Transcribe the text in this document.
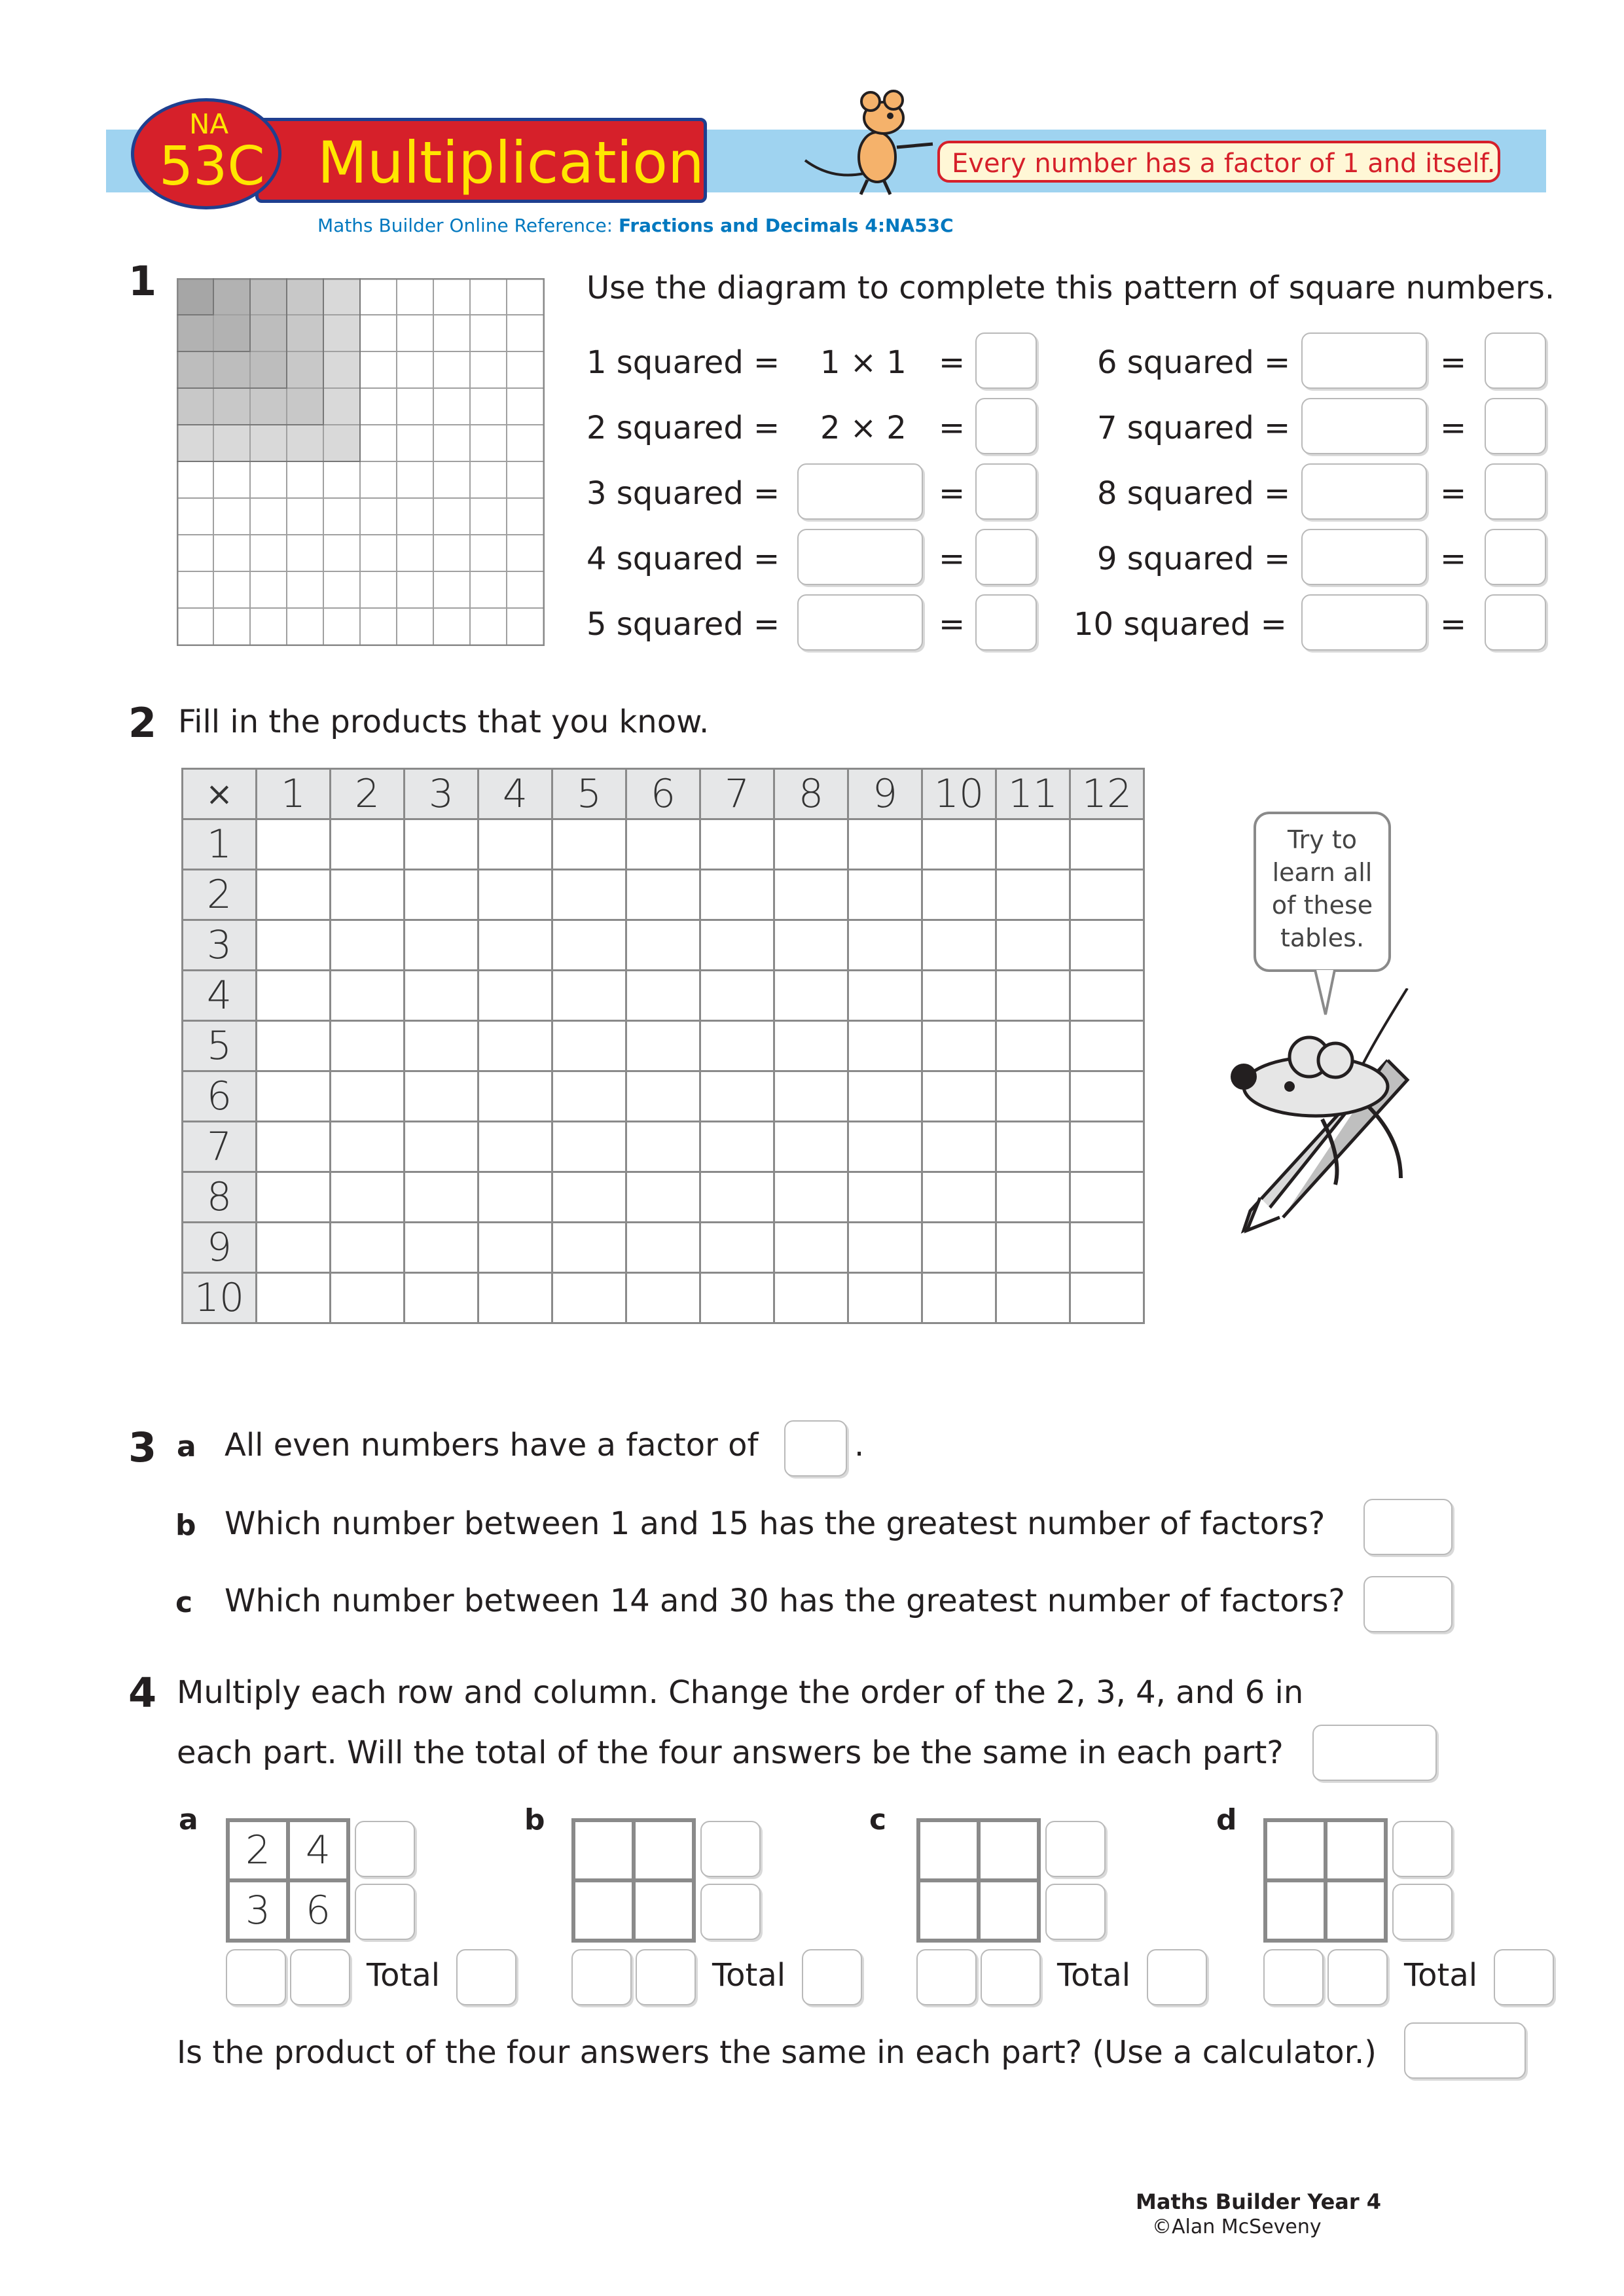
Multiplication
NA
53C	Every number has a factor of 1 and itself.
Maths Builder Online Reference: Fractions and Decimals 4:NA53C
1	Use the diagram to complete this pattern of square numbers.
1 squared = 1 × 1 =	6 squared =	=
2 squared = 2 × 2 =	7 squared =	=
3 squared =	=	8 squared =	=
4 squared =	=	9 squared =	=
5 squared =	=	10 squared =	=
2 Fill in the products that you know.
×	1	2	3	4	5	6	7	8	9	10	11	12
1												
2												
3												
4												
5												
6												
7												
8												
9												
10												
Try to learn all of these tables.
3 a All even numbers have a factor of	.
b Which number between 1 and 15 has the greatest number of factors?
c Which number between 14 and 30 has the greatest number of factors?
4 Multiply each row and column. Change the order of the 2, 3, 4, and 6 in
each part. Will the total of the four answers be the same in each part?
a
2 4
3 6
Total
b
Total
c
Total
d
Total
Is the product of the four answers the same in each part? (Use a calculator.)
Maths Builder Year 4
©Alan McSeveny
